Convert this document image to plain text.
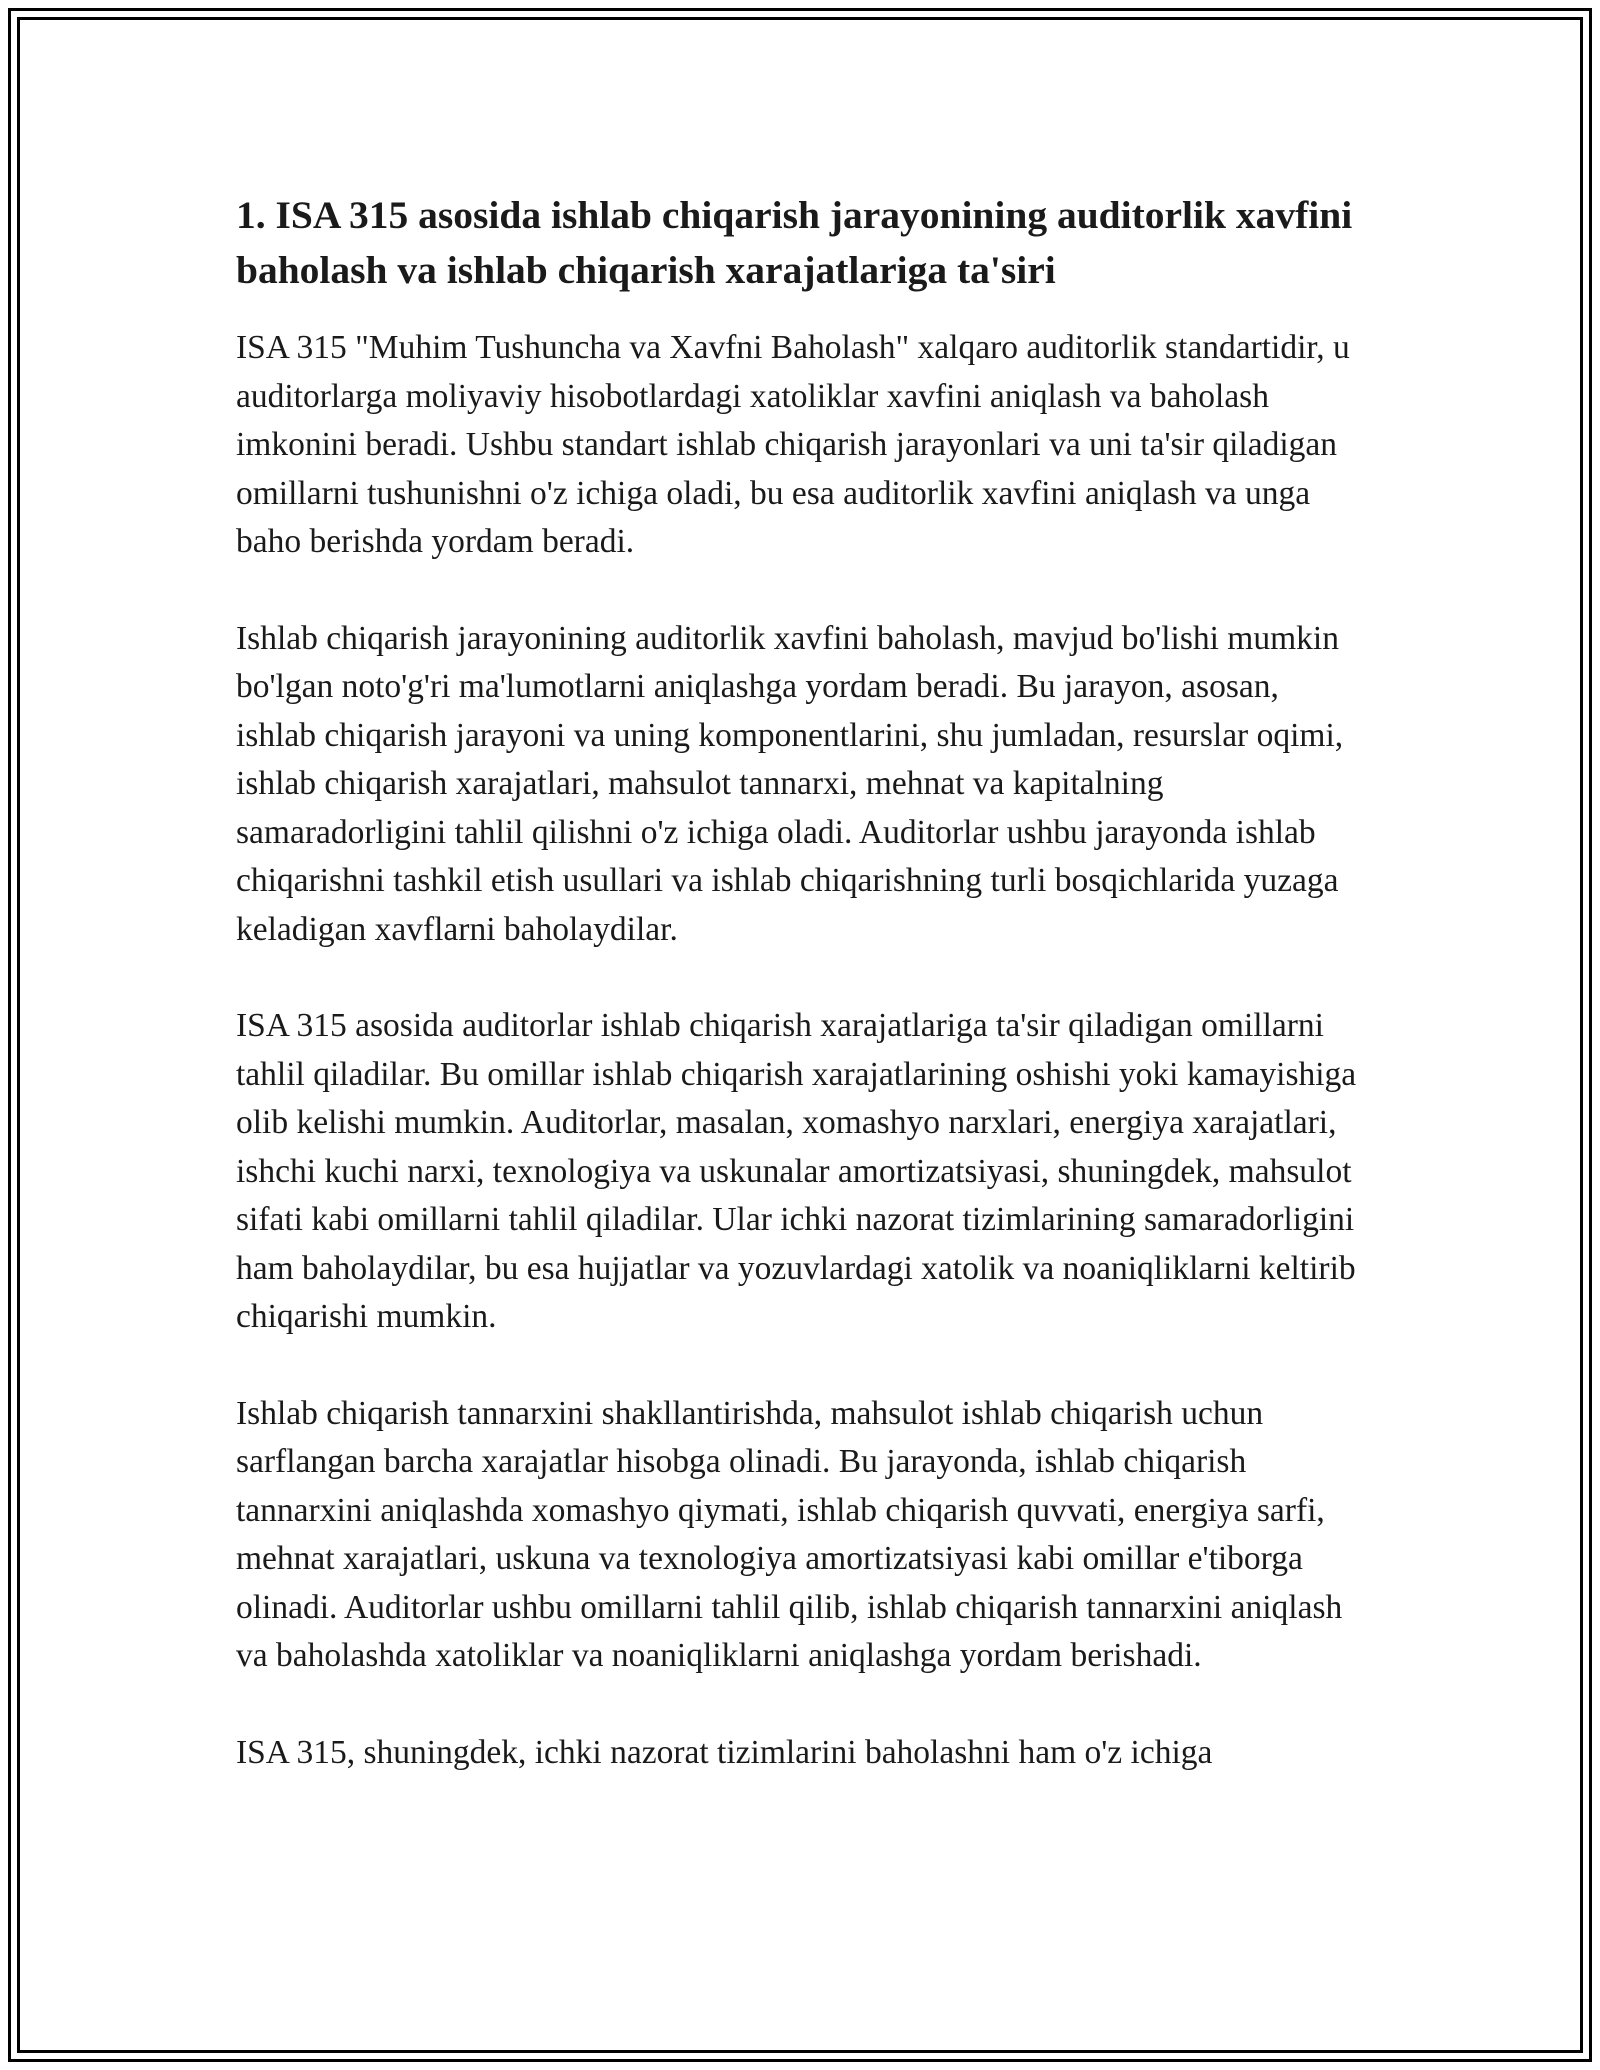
1. ISA 315 asosida ishlab chiqarish jarayonining auditorlik xavfini baholash va ishlab chiqarish xarajatlariga ta'siri

ISA 315 "Muhim Tushuncha va Xavfni Baholash" xalqaro auditorlik standartidir, u auditorlarga moliyaviy hisobotlardagi xatoliklar xavfini aniqlash va baholash imkonini beradi. Ushbu standart ishlab chiqarish jarayonlari va uni ta'sir qiladigan omillarni tushunishni o'z ichiga oladi, bu esa auditorlik xavfini aniqlash va unga baho berishda yordam beradi.

Ishlab chiqarish jarayonining auditorlik xavfini baholash, mavjud bo'lishi mumkin bo'lgan noto'g'ri ma'lumotlarni aniqlashga yordam beradi. Bu jarayon, asosan, ishlab chiqarish jarayoni va uning komponentlarini, shu jumladan, resurslar oqimi, ishlab chiqarish xarajatlari, mahsulot tannarxi, mehnat va kapitalning samaradorligini tahlil qilishni o'z ichiga oladi. Auditorlar ushbu jarayonda ishlab chiqarishni tashkil etish usullari va ishlab chiqarishning turli bosqichlarida yuzaga keladigan xavflarni baholaydilar.

ISA 315 asosida auditorlar ishlab chiqarish xarajatlariga ta'sir qiladigan omillarni tahlil qiladilar. Bu omillar ishlab chiqarish xarajatlarining oshishi yoki kamayishiga olib kelishi mumkin. Auditorlar, masalan, xomashyo narxlari, energiya xarajatlari, ishchi kuchi narxi, texnologiya va uskunalar amortizatsiyasi, shuningdek, mahsulot sifati kabi omillarni tahlil qiladilar. Ular ichki nazorat tizimlarining samaradorligini ham baholaydilar, bu esa hujjatlar va yozuvlardagi xatolik va noaniqliklarni keltirib chiqarishi mumkin.

Ishlab chiqarish tannarxini shakllantirishda, mahsulot ishlab chiqarish uchun sarflangan barcha xarajatlar hisobga olinadi. Bu jarayonda, ishlab chiqarish tannarxini aniqlashda xomashyo qiymati, ishlab chiqarish quvvati, energiya sarfi, mehnat xarajatlari, uskuna va texnologiya amortizatsiyasi kabi omillar e'tiborga olinadi. Auditorlar ushbu omillarni tahlil qilib, ishlab chiqarish tannarxini aniqlash va baholashda xatoliklar va noaniqliklarni aniqlashga yordam berishadi.

ISA 315, shuningdek, ichki nazorat tizimlarini baholashni ham o'z ichiga
